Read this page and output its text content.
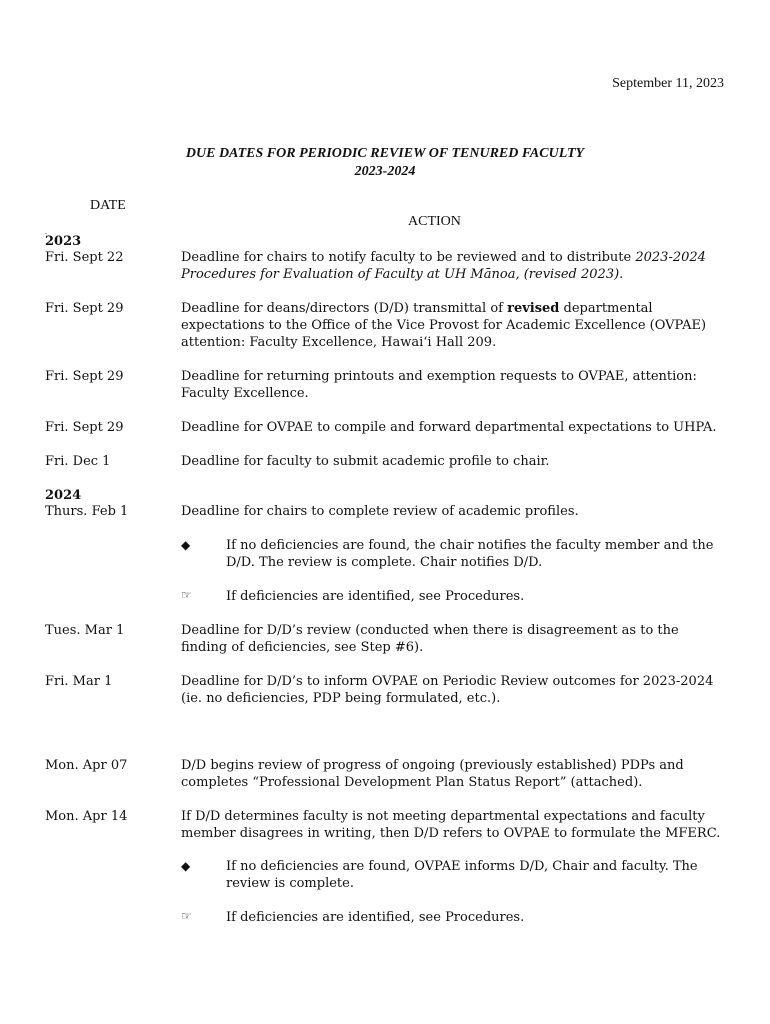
September 11, 2023
DUE DATES FOR PERIODIC REVIEW OF TENURED FACULTY
2023-2024
DATE
ACTION
.
2023
Fri. Sept 22	Deadline for chairs to notify faculty to be reviewed and to distribute 2023-2024 Procedures for Evaluation of Faculty at UH Mānoa, (revised 2023).
Fri. Sept 29	Deadline for deans/directors (D/D) transmittal of revised departmental expectations to the Office of the Vice Provost for Academic Excellence (OVPAE) attention: Faculty Excellence, Hawaiʻi Hall 209.
Fri. Sept 29	Deadline for returning printouts and exemption requests to OVPAE, attention: Faculty Excellence.
Fri. Sept 29	Deadline for OVPAE to compile and forward departmental expectations to UHPA.
Fri. Dec 1	Deadline for faculty to submit academic profile to chair.
2024
Thurs. Feb 1	Deadline for chairs to complete review of academic profiles.
◆	If no deficiencies are found, the chair notifies the faculty member and the D/D. The review is complete. Chair notifies D/D.
☞	If deficiencies are identified, see Procedures.
Tues. Mar 1	Deadline for D/D’s review (conducted when there is disagreement as to the finding of deficiencies, see Step #6).
Fri. Mar 1	Deadline for D/D’s to inform OVPAE on Periodic Review outcomes for 2023-2024 (ie. no deficiencies, PDP being formulated, etc.).
Mon. Apr 07	D/D begins review of progress of ongoing (previously established) PDPs and completes “Professional Development Plan Status Report” (attached).
Mon. Apr 14	If D/D determines faculty is not meeting departmental expectations and faculty member disagrees in writing, then D/D refers to OVPAE to formulate the MFERC.
◆	If no deficiencies are found, OVPAE informs D/D, Chair and faculty. The review is complete.
☞	If deficiencies are identified, see Procedures.
